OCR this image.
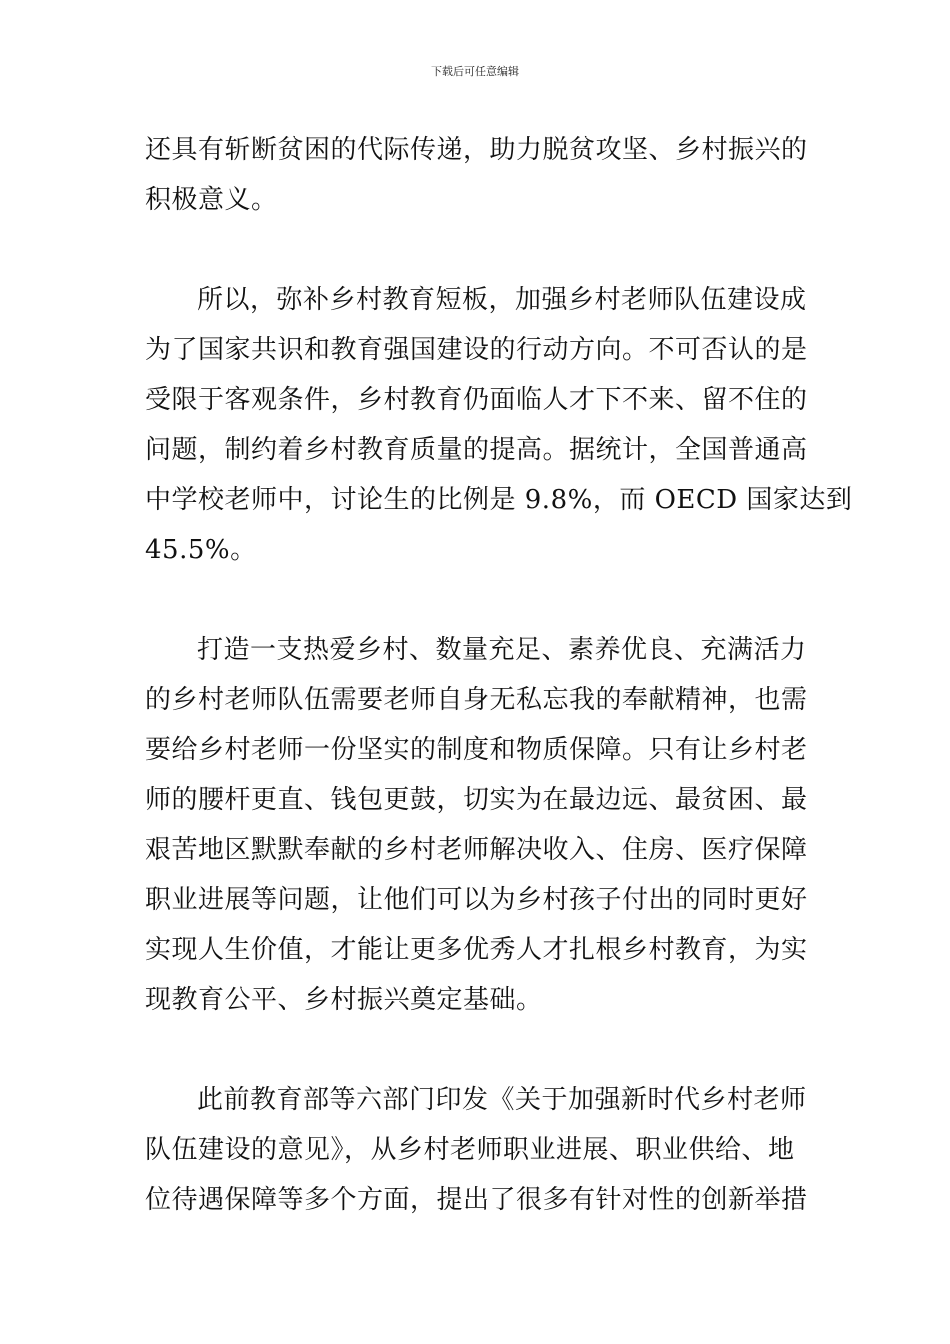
下载后可任意编辑
还具有斩断贫困的代际传递，助力脱贫攻坚、乡村振兴的
积极意义。
所以，弥补乡村教育短板，加强乡村老师队伍建设成
为了国家共识和教育强国建设的行动方向。不可否认的是
受限于客观条件，乡村教育仍面临人才下不来、留不住的
问题，制约着乡村教育质量的提高。据统计，全国普通高
中学校老师中，讨论生的比例是 9.8%，而 OECD 国家达到
45.5%。
打造一支热爱乡村、数量充足、素养优良、充满活力
的乡村老师队伍需要老师自身无私忘我的奉献精神，也需
要给乡村老师一份坚实的制度和物质保障。只有让乡村老
师的腰杆更直、钱包更鼓，切实为在最边远、最贫困、最
艰苦地区默默奉献的乡村老师解决收入、住房、医疗保障
职业进展等问题，让他们可以为乡村孩子付出的同时更好
实现人生价值，才能让更多优秀人才扎根乡村教育，为实
现教育公平、乡村振兴奠定基础。
此前教育部等六部门印发《关于加强新时代乡村老师
队伍建设的意见》，从乡村老师职业进展、职业供给、地
位待遇保障等多个方面，提出了很多有针对性的创新举措
